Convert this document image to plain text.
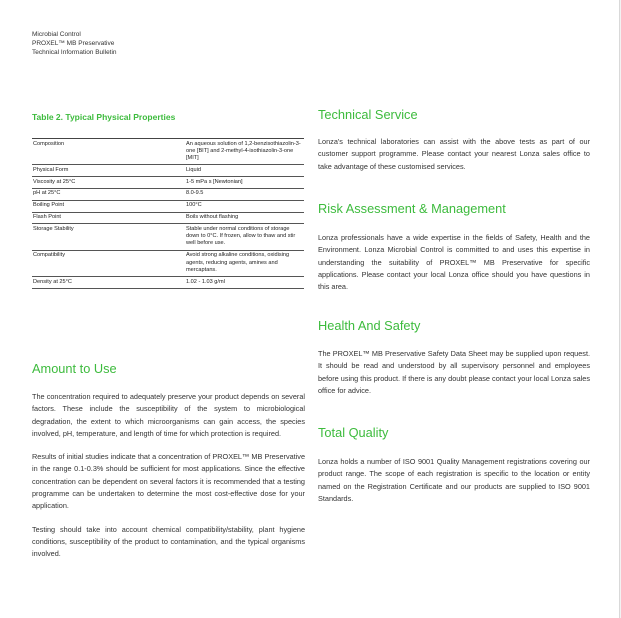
Microbial Control
PROXEL™ MB Preservative
Technical Information Bulletin
Table 2. Typical Physical Properties
Composition	An aqueous solution of 1,2-benzisothiazolin-3-one [BIT] and 2-methyl-4-isothiazolin-3-one [MIT]
Physical Form	Liquid
Viscosity at 25°C	1-5 mPa s [Newtonian]
pH at 25°C	8.0-9.5
Boiling Point	100°C
Flash Point	Boils without flashing
Storage Stability	Stable under normal conditions of storage down to 0°C. If frozen, allow to thaw and stir well before use.
Compatibility	Avoid strong alkaline conditions, oxidising agents, reducing agents, amines and mercaptans.
Density at 25°C	1.02 - 1.03 g/ml
Amount to Use

The concentration required to adequately preserve your product depends on several factors. These include the susceptibility of the system to microbiological degradation, the extent to which microorganisms can gain access, the species involved, pH, temperature, and length of time for which protection is required.

Results of initial studies indicate that a concentration of PROXEL™ MB Preservative in the range 0.1-0.3% should be sufficient for most applications. Since the effective concentration can be dependent on several factors it is recommended that a testing programme can be undertaken to determine the most cost-effective dose for your application.

Testing should take into account chemical compatibility/stability, plant hygiene conditions, susceptibility of the product to contamination, and the typical organisms involved.

Technical Service

Lonza's technical laboratories can assist with the above tests as part of our customer support programme. Please contact your nearest Lonza sales office to take advantage of these customised services.

Risk Assessment & Management

Lonza professionals have a wide expertise in the fields of Safety, Health and the Environment. Lonza Microbial Control is committed to and uses this expertise in understanding the suitability of PROXEL™ MB Preservative for specific applications. Please contact your local Lonza office should you have questions in this area.

Health And Safety

The PROXEL™ MB Preservative Safety Data Sheet may be supplied upon request. It should be read and understood by all supervisory personnel and employees before using this product. If there is any doubt please contact your local Lonza sales office for advice.

Total Quality

Lonza holds a number of ISO 9001 Quality Management registrations covering our product range. The scope of each registration is specific to the location or entity named on the Registration Certificate and our products are supplied to ISO 9001 Standards.
